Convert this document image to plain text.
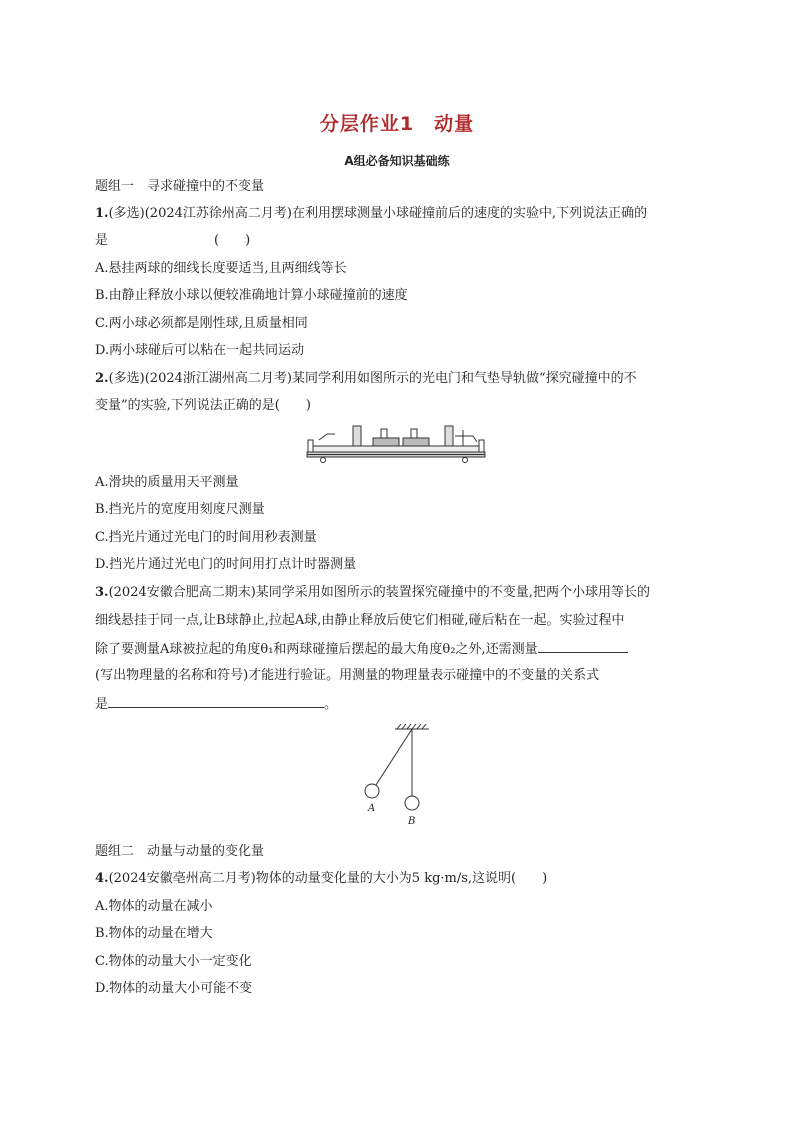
分层作业1　动量
A组必备知识基础练
题组一　寻求碰撞中的不变量
1.(多选)(2024江苏徐州高二月考)在利用摆球测量小球碰撞前后的速度的实验中,下列说法正确的
是	(　　)
A.悬挂两球的细线长度要适当,且两细线等长
B.由静止释放小球以便较准确地计算小球碰撞前的速度
C.两小球必须都是刚性球,且质量相同
D.两小球碰后可以粘在一起共同运动
2.(多选)(2024浙江湖州高二月考)某同学利用如图所示的光电门和气垫导轨做“探究碰撞中的不
变量”的实验,下列说法正确的是(　　)
A.滑块的质量用天平测量
B.挡光片的宽度用刻度尺测量
C.挡光片通过光电门的时间用秒表测量
D.挡光片通过光电门的时间用打点计时器测量
3.(2024安徽合肥高二期末)某同学采用如图所示的装置探究碰撞中的不变量,把两个小球用等长的
细线悬挂于同一点,让B球静止,拉起A球,由静止释放后使它们相碰,碰后粘在一起。实验过程中
除了要测量A球被拉起的角度θ₁和两球碰撞后摆起的最大角度θ₂之外,还需测量
(写出物理量的名称和符号)才能进行验证。用测量的物理量表示碰撞中的不变量的关系式
是	。
A
B
题组二　动量与动量的变化量
4.(2024安徽亳州高二月考)物体的动量变化量的大小为5 kg·m/s,这说明(　　)
A.物体的动量在减小
B.物体的动量在增大
C.物体的动量大小一定变化
D.物体的动量大小可能不变
